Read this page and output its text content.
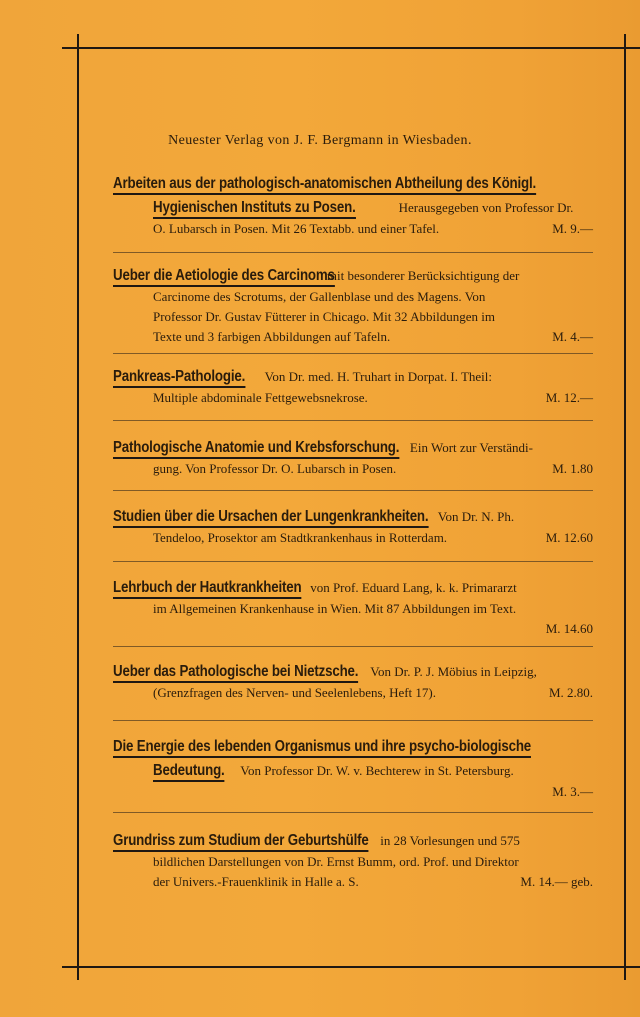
Neuester Verlag von J. F. Bergmann in Wiesbaden.
Arbeiten aus der pathologisch-anatomischen Abtheilung des Königl.
Hygienischen Instituts zu Posen.	Herausgegeben von Professor Dr.
O. Lubarsch in Posen. Mit 26 Textabb. und einer Tafel.	M. 9.—
Ueber die Aetiologie des Carcinoms
mit besonderer Berücksichtigung der
Carcinome des Scrotums, der Gallenblase und des Magens. Von
Professor Dr. Gustav Fütterer in Chicago. Mit 32 Abbildungen im
Texte und 3 farbigen Abbildungen auf Tafeln.	M. 4.—
Pankreas-Pathologie. Von Dr. med. H. Truhart in Dorpat. I. Theil:
Multiple abdominale Fettgewebsnekrose.	M. 12.—
Pathologische Anatomie und Krebsforschung. Ein Wort zur Verständi-
gung. Von Professor Dr. O. Lubarsch in Posen.	M. 1.80
Studien über die Ursachen der Lungenkrankheiten. Von Dr. N. Ph.
Tendeloo, Prosektor am Stadtkrankenhaus in Rotterdam.	M. 12.60
Lehrbuch der Hautkrankheiten von Prof. Eduard Lang, k. k. Primararzt
im Allgemeinen Krankenhause in Wien. Mit 87 Abbildungen im Text.
M. 14.60
Ueber das Pathologische bei Nietzsche. Von Dr. P. J. Möbius in Leipzig,
(Grenzfragen des Nerven- und Seelenlebens, Heft 17).	M. 2.80.
Die Energie des lebenden Organismus und ihre psycho-biologische
Bedeutung. Von Professor Dr. W. v. Bechterew in St. Petersburg.
M. 3.—
Grundriss zum Studium der Geburtshülfe in 28 Vorlesungen und 575
bildlichen Darstellungen von Dr. Ernst Bumm, ord. Prof. und Direktor
der Univers.-Frauenklinik in Halle a. S.	M. 14.— geb.
